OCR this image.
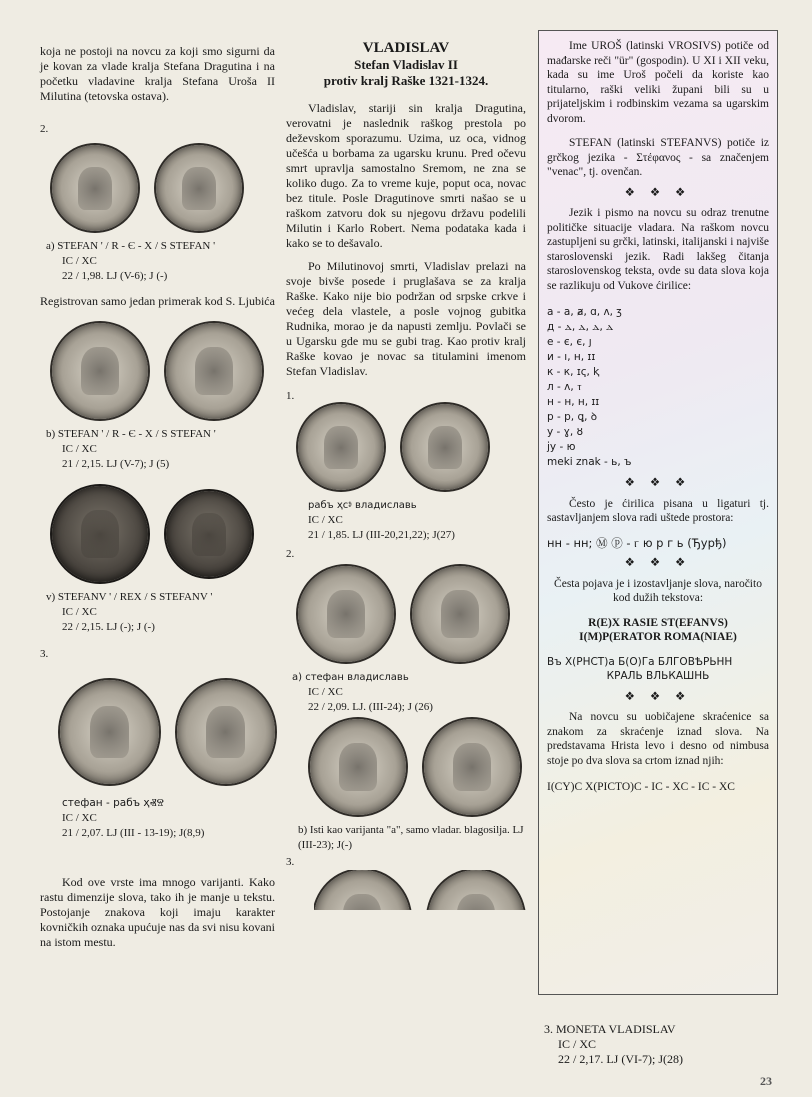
koja ne postoji na novcu za koji smo sigurni da je kovan za vlade kralja Stefana Dragutina i na početku vladavine kralja Stefana Uroša II Milutina (tetovska ostava).

2.

a) STEFAN ' / R - Є - X / S STEFAN '

ΙC / ΧC

22 / 1,98. LJ (V-6); J (-)

Registrovan samo jedan primerak kod S. Ljubića

b) STEFAN ' / R - Є - X / S STEFAN '

ΙC / ΧC

21 / 2,15. LJ (V-7); J (5)

v) STEFANV ' / REX / S STEFANV '

ΙC / ΧC

22 / 2,15. LJ (-); J (-)

3.

стефан - рабъ ҳⰟⰔ

ΙC / ΧC

21 / 2,07. LJ (III - 13-19); J(8,9)

Kod ove vrste ima mnogo varijanti. Kako rastu dimenzije slova, tako ih je manje u tekstu. Postojanje znakova koji imaju karakter kovničkih oznaka upućuje nas da svi nisu kovani na istom mestu.

VLADISLAV
Stefan Vladislav II
protiv kralj Raške 1321-1324.

Vladislav, stariji sin kralja Dragutina, verovatni je naslednik raškog prestola po deževskom sporazumu. Uzima, uz oca, vidnog učešća u borbama za ugarsku krunu. Pred očevu smrt upravlja samostalno Sremom, ne zna se koliko dugo. Za to vreme kuje, poput oca, novac bez titule. Posle Dragutinove smrti našao se u raškom zatvoru dok su njegovu državu podelili Milutin i Karlo Robert. Nema podataka kada i kako se to dešavalo.

Po Milutinovoj smrti, Vladislav prelazi na svoje bivše posede i pruglašava se za kralja Raške. Kako nije bio podržan od srpske crkve i većeg dela vlastele, a posle vojnog gubitka Rudnika, morao je da napusti zemlju. Povlači se u Ugarsku gde mu se gubi trag. Kao protiv kralj Raške kovao je novac sa titulamini imenom Stefan Vladislav.

1.

рабъ ҳсⱁ владиславь

ΙC / ΧC

21 / 1,85. LJ (III-20,21,22); J(27)

2.

a) стефан владиславь

ΙC / ΧC

22 / 2,09. LJ. (III-24); J (26)

b) Isti kao varijanta "a", samo vladar. blagosilja. LJ (III-23); J(-)

3.

Ime UROŠ (latinski VROSIVS) potiče od mađarske reči "ür" (gospodin). U XI i XII veku, kada su ime Uroš počeli da koriste kao titularno, raški veliki župani bili su u prijateljskim i rodbinskim vezama sa ugarskim dvorom.

STEFAN (latinski STEFANVS) potiče iz grčkog jezika - Στέφανος - sa značenjem "venac", tj. ovenčan.

❖ ❖ ❖

Jezik i pismo na novcu su odraz trenutne političke situacije vladara. Na raškom novcu zastupljeni su grčki, latinski, italijanski i najviše staroslovenski jezik. Radi lakšeg čitanja staroslovenskog teksta, ovde su data slova koja se razlikuju od Vukove ćirilice:

а - a, ⱥ, ɑ, ʌ, ⳅ
д - ⲇ, ⲇ, ⲇ, ⲇ
е - є, є, ȷ
и - ı, н, ɪɪ
к - к, ɪҁ, ⱪ
л - ʌ, ⲧ
н - н, н, ɪɪ
р - р, ꝗ, ꝺ
у - ɣ, ȣ
ју - ю
meki znak - ь, ъ

❖ ❖ ❖

Često je ćirilica pisana u ligaturi tj. sastavljanjem slova radi uštede prostora:

нн - нн; Ⓜ ⓟ - ⲅ ю р г ь (Ђурђ)

❖ ❖ ❖

Česta pojava je i izostavljanje slova, naročito kod dužih tekstova:

R(E)X RASIE ST(EFANVS)

I(M)P(ERATOR ROMA(NIAE)

Въ Х(РНСТ)а Б(О)Га БЛГОВѢРЬНН

КРАЛЬ ВЛЬКАШНЬ

❖ ❖ ❖

Na novcu su uobičajene skraćenice sa znakom za skraćenje iznad slova. Na predstavama Hrista levo i desno od nimbusa stoje po dva slova sa crtom iznad njih:

I(CY)C X(PICTO)C - ΙC - ΧC - ΙC - ΧC

3. MONETA VLADISLAV

ΙC / ΧC

22 / 2,17. LJ (VI-7); J(28)

23
